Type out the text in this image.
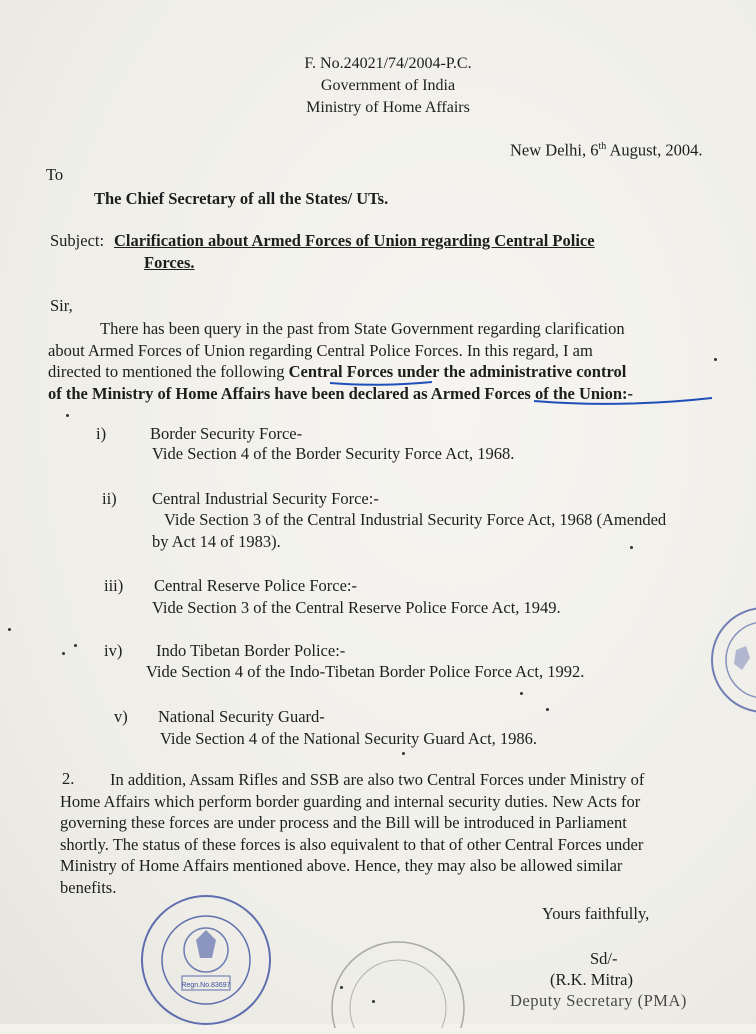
F. No.24021/74/2004-P.C.
Government of India
Ministry of Home Affairs
New Delhi, 6th August, 2004.
To
The Chief Secretary of all the States/ UTs.
Subject: Clarification about Armed Forces of Union regarding Central Police
Forces.
Sir,
There has been query in the past from State Government regarding clarification
about Armed Forces of Union regarding Central Police Forces. In this regard, I am
directed to mentioned the following Central Forces under the administrative control
of the Ministry of Home Affairs have been declared as Armed Forces of the Union:-
i)	Border Security Force-
Vide Section 4 of the Border Security Force Act, 1968.
ii) Central Industrial Security Force:-
Vide Section 3 of the Central Industrial Security Force Act, 1968 (Amended
by Act 14 of 1983).
iii) Central Reserve Police Force:-
Vide Section 3 of the Central Reserve Police Force Act, 1949.
iv) Indo Tibetan Border Police:-
Vide Section 4 of the Indo-Tibetan Border Police Force Act, 1992.
v) National Security Guard-
Vide Section 4 of the National Security Guard Act, 1986.
2.	In addition, Assam Rifles and SSB are also two Central Forces under Ministry of
Home Affairs which perform border guarding and internal security duties. New Acts for
governing these forces are under process and the Bill will be introduced in Parliament
shortly. The status of these forces is also equivalent to that of other Central Forces under
Ministry of Home Affairs mentioned above. Hence, they may also be allowed similar
benefits.
Yours faithfully,
Sd/-
(R.K. Mitra)
Deputy Secretary (PMA)
Regn.No.83697
